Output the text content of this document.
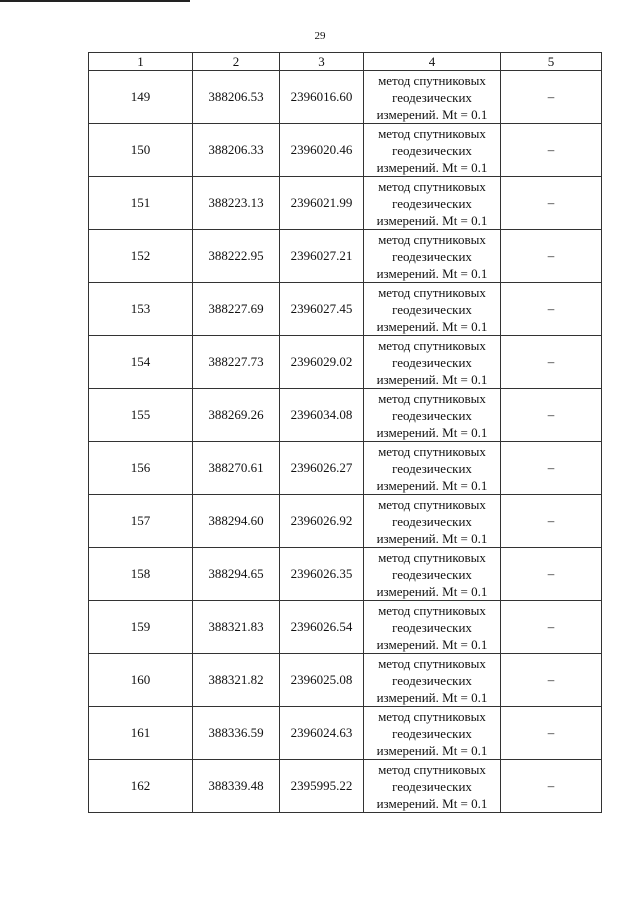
29
1	2	3	4	5
149	388206.53	2396016.60	метод спутниковых
геодезических
измерений. Mt = 0.1	–
150	388206.33	2396020.46	метод спутниковых
геодезических
измерений. Mt = 0.1	–
151	388223.13	2396021.99	метод спутниковых
геодезических
измерений. Mt = 0.1	–
152	388222.95	2396027.21	метод спутниковых
геодезических
измерений. Mt = 0.1	–
153	388227.69	2396027.45	метод спутниковых
геодезических
измерений. Mt = 0.1	–
154	388227.73	2396029.02	метод спутниковых
геодезических
измерений. Mt = 0.1	–
155	388269.26	2396034.08	метод спутниковых
геодезических
измерений. Mt = 0.1	–
156	388270.61	2396026.27	метод спутниковых
геодезических
измерений. Mt = 0.1	–
157	388294.60	2396026.92	метод спутниковых
геодезических
измерений. Mt = 0.1	–
158	388294.65	2396026.35	метод спутниковых
геодезических
измерений. Mt = 0.1	–
159	388321.83	2396026.54	метод спутниковых
геодезических
измерений. Mt = 0.1	–
160	388321.82	2396025.08	метод спутниковых
геодезических
измерений. Mt = 0.1	–
161	388336.59	2396024.63	метод спутниковых
геодезических
измерений. Mt = 0.1	–
162	388339.48	2395995.22	метод спутниковых
геодезических
измерений. Mt = 0.1	–
